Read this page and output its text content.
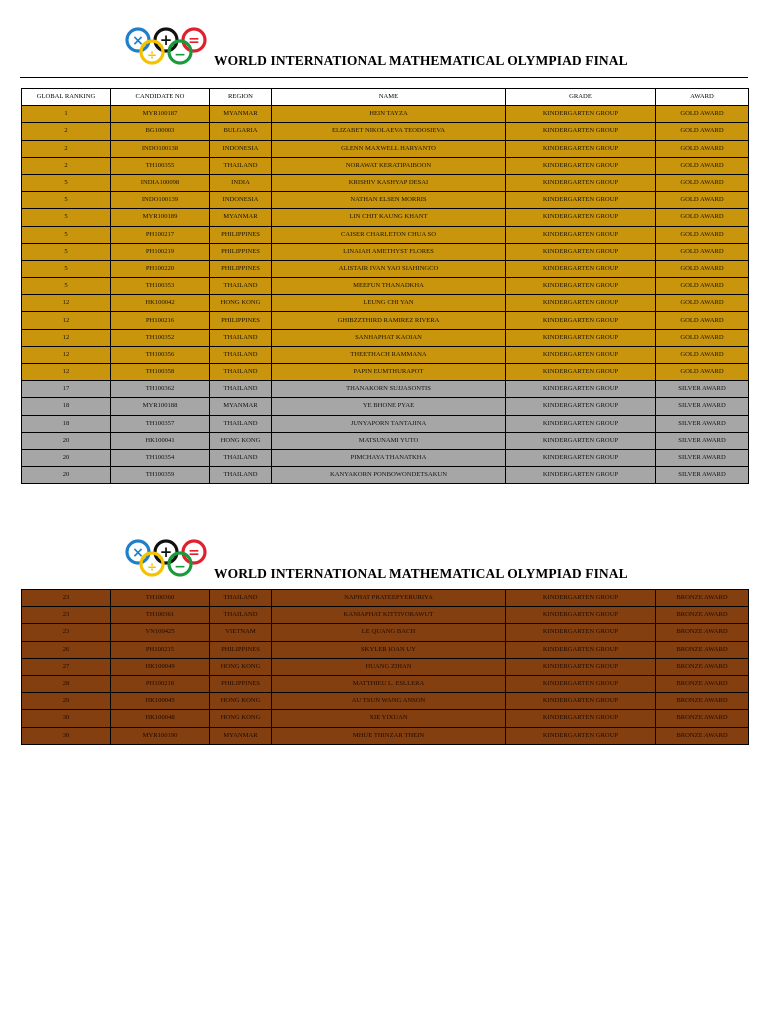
× + =
÷ − WORLD INTERNATIONAL MATHEMATICAL OLYMPIAD FINAL
GLOBAL RANKING	CANDIDATE NO	REGION	NAME	GRADE	AWARD
1	MYR100187	MYANMAR	HEIN TAYZA	KINDERGARTEN GROUP	GOLD AWARD
2	BG100003	BULGARIA	ELIZABET NIKOLAEVA TEODOSIEVA	KINDERGARTEN GROUP	GOLD AWARD
2	INDO100138	INDONESIA	GLENN MAXWELL HARYANTO	KINDERGARTEN GROUP	GOLD AWARD
2	TH100355	THAILAND	NORAWAT KERATIPAIBOON	KINDERGARTEN GROUP	GOLD AWARD
5	INDIA100098	INDIA	KRISHIV KASHYAP DESAI	KINDERGARTEN GROUP	GOLD AWARD
5	INDO100139	INDONESIA	NATHAN ELSEN MORRIS	KINDERGARTEN GROUP	GOLD AWARD
5	MYR100189	MYANMAR	LIN CHIT KAUNG KHANT	KINDERGARTEN GROUP	GOLD AWARD
5	PH100217	PHILIPPINES	CAISER CHARLETON CHUA SO	KINDERGARTEN GROUP	GOLD AWARD
5	PH100219	PHILIPPINES	LINAIAH AMETHYST FLORES	KINDERGARTEN GROUP	GOLD AWARD
5	PH100220	PHILIPPINES	ALISTAIR IVAN YAO SIAHINGCO	KINDERGARTEN GROUP	GOLD AWARD
5	TH100353	THAILAND	MEEFUN THANADKHA	KINDERGARTEN GROUP	GOLD AWARD
12	HK100042	HONG KONG	LEUNG CHI YAN	KINDERGARTEN GROUP	GOLD AWARD
12	PH100216	PHILIPPINES	GHIBZZTHIRD RAMIREZ RIVERA	KINDERGARTEN GROUP	GOLD AWARD
12	TH100352	THAILAND	SANHAPHAT KAOIAN	KINDERGARTEN GROUP	GOLD AWARD
12	TH100356	THAILAND	THEETHACH RAMMANA	KINDERGARTEN GROUP	GOLD AWARD
12	TH100358	THAILAND	PAPIN EUMTHURAPOT	KINDERGARTEN GROUP	GOLD AWARD
17	TH100362	THAILAND	THANAKORN SUJJASONTIS	KINDERGARTEN GROUP	SILVER AWARD
18	MYR100188	MYANMAR	YE BHONE PYAE	KINDERGARTEN GROUP	SILVER AWARD
18	TH100357	THAILAND	JUNYAPORN TANTAJINA	KINDERGARTEN GROUP	SILVER AWARD
20	HK100041	HONG KONG	MATSUNAMI YUTO	KINDERGARTEN GROUP	SILVER AWARD
20	TH100354	THAILAND	PIMCHAYA THANATKHA	KINDERGARTEN GROUP	SILVER AWARD
20	TH100359	THAILAND	KANYAKORN PONBOWONDETSAKUN	KINDERGARTEN GROUP	SILVER AWARD
× + =
÷ − WORLD INTERNATIONAL MATHEMATICAL OLYMPIAD FINAL
23	TH100360	THAILAND	NAPHAT PRATEEPYERURIYA	KINDERGARTEN GROUP	BRONZE AWARD
23	TH100361	THAILAND	KANIAPHAT KITTIVORAWUT	KINDERGARTEN GROUP	BRONZE AWARD
23	VN100425	VIETNAM	LE QUANG BACH	KINDERGARTEN GROUP	BRONZE AWARD
26	PH100215	PHILIPPINES	SKYLER IOAN UY	KINDERGARTEN GROUP	BRONZE AWARD
27	HK100049	HONG KONG	HUANG ZIHAN	KINDERGARTEN GROUP	BRONZE AWARD
28	PH100218	PHILIPPINES	MATTHIEU L. ESLLERA	KINDERGARTEN GROUP	BRONZE AWARD
29	HK100045	HONG KONG	AU TSUN WANG ANSON	KINDERGARTEN GROUP	BRONZE AWARD
30	HK100048	HONG KONG	XIE YIXUAN	KINDERGARTEN GROUP	BRONZE AWARD
30	MYR100190	MYANMAR	MHUE THINZAR THEIN	KINDERGARTEN GROUP	BRONZE AWARD
